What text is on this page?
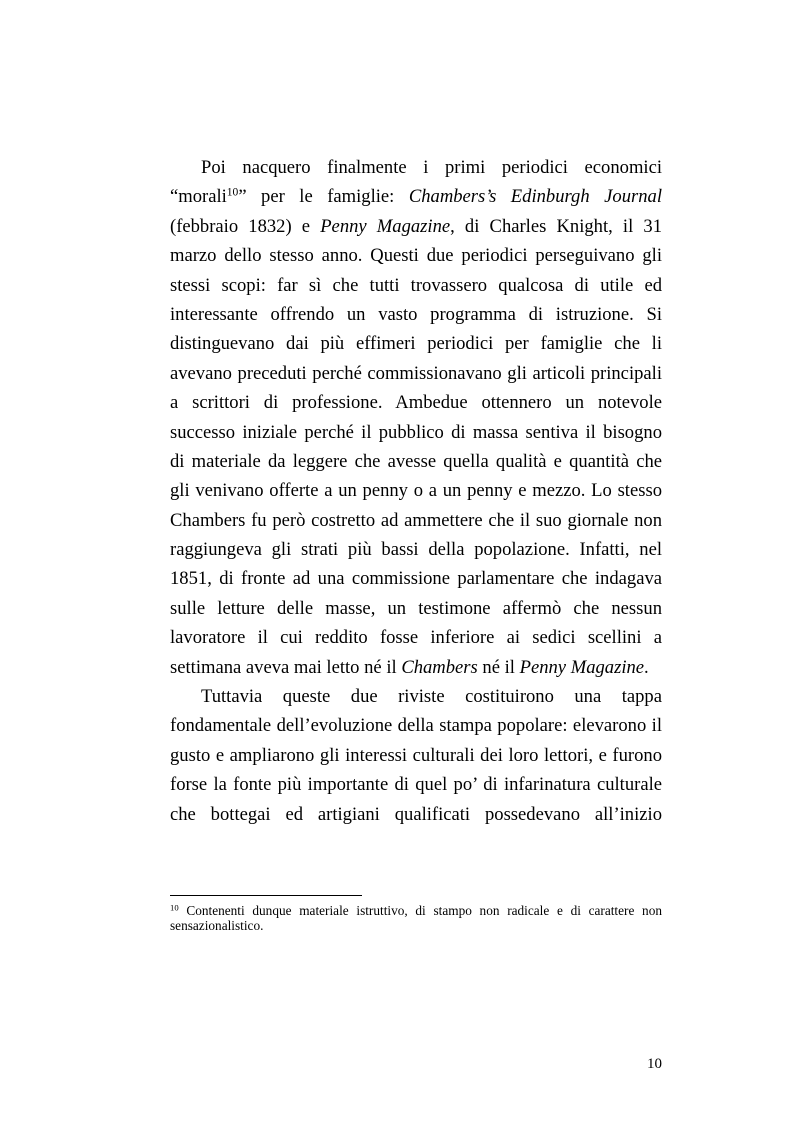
Poi nacquero finalmente i primi periodici economici
“morali$^{10}$” per le famiglie: Chambers’s Edinburgh Journal
(febbraio 1832) e Penny Magazine, di Charles Knight, il 31
marzo dello stesso anno. Questi due periodici perseguivano gli
stessi scopi: far sì che tutti trovassero qualcosa di utile ed
interessante offrendo un vasto programma di istruzione. Si
distinguevano dai più effimeri periodici per famiglie che li
avevano preceduti perché commissionavano gli articoli principali
a scrittori di professione. Ambedue ottennero un notevole
successo iniziale perché il pubblico di massa sentiva il bisogno
di materiale da leggere che avesse quella qualità e quantità che
gli venivano offerte a un penny o a un penny e mezzo. Lo stesso
Chambers fu però costretto ad ammettere che il suo giornale non
raggiungeva gli strati più bassi della popolazione. Infatti, nel
1851, di fronte ad una commissione parlamentare che indagava
sulle letture delle masse, un testimone affermò che nessun
lavoratore il cui reddito fosse inferiore ai sedici scellini a
settimana aveva mai letto né il Chambers né il Penny Magazine.
Tuttavia queste due riviste costituirono una tappa
fondamentale dell’evoluzione della stampa popolare: elevarono il
gusto e ampliarono gli interessi culturali dei loro lettori, e furono
forse la fonte più importante di quel po’ di infarinatura culturale
che bottegai ed artigiani qualificati possedevano all’inizio
$^{10}$ Contenenti dunque materiale istruttivo, di stampo non radicale e di carattere non
sensazionalistico.
10
